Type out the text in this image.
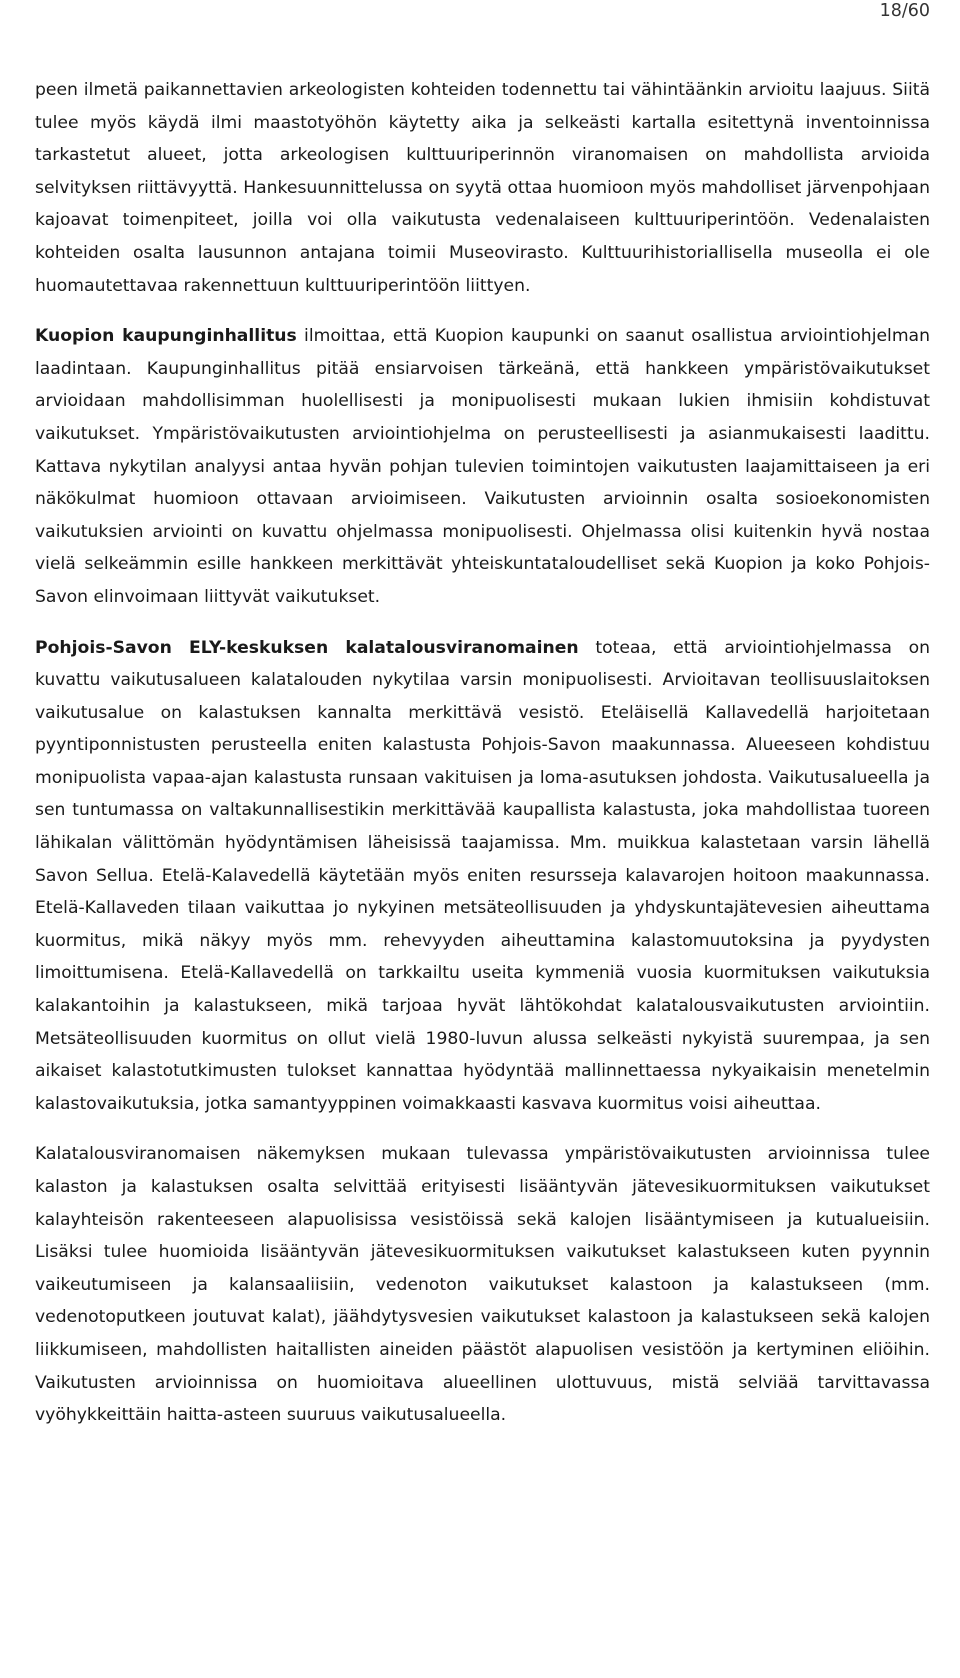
18/60

peen ilmetä paikannettavien arkeologisten kohteiden todennettu tai vähintäänkin arvioitu laajuus. Siitä tulee myös käydä ilmi maastotyöhön käytetty aika ja selkeästi kartalla esitettynä inventoinnissa tarkastetut alueet, jotta arkeologisen kulttuuriperinnön viranomaisen on mahdollista arvioida selvityksen riittävyyttä. Hankesuunnittelussa on syytä ottaa huomioon myös mahdolliset järvenpohjaan kajoavat toimenpiteet, joilla voi olla vaikutusta vedenalaiseen kulttuuriperintöön. Vedenalaisten kohteiden osalta lausunnon antajana toimii Museovirasto. Kulttuurihistoriallisella museolla ei ole huomautettavaa rakennettuun kulttuuriperintöön liittyen.

Kuopion kaupunginhallitus ilmoittaa, että Kuopion kaupunki on saanut osallistua arviointiohjelman laadintaan. Kaupunginhallitus pitää ensiarvoisen tärkeänä, että hankkeen ympäristövaikutukset arvioidaan mahdollisimman huolellisesti ja monipuolisesti mukaan lukien ihmisiin kohdistuvat vaikutukset. Ympäristövaikutusten arviointiohjelma on perusteellisesti ja asianmukaisesti laadittu. Kattava nykytilan analyysi antaa hyvän pohjan tulevien toimintojen vaikutusten laajamittaiseen ja eri näkökulmat huomioon ottavaan arvioimiseen. Vaikutusten arvioinnin osalta sosioekonomisten vaikutuksien arviointi on kuvattu ohjelmassa monipuolisesti. Ohjelmassa olisi kuitenkin hyvä nostaa vielä selkeämmin esille hankkeen merkittävät yhteiskuntataloudelliset sekä Kuopion ja koko Pohjois-Savon elinvoimaan liittyvät vaikutukset.

Pohjois-Savon ELY-keskuksen kalatalousviranomainen toteaa, että arviointiohjelmassa on kuvattu vaikutusalueen kalatalouden nykytilaa varsin monipuolisesti. Arvioitavan teollisuuslaitoksen vaikutusalue on kalastuksen kannalta merkittävä vesistö. Eteläisellä Kallavedellä harjoitetaan pyyntiponnistusten perusteella eniten kalastusta Pohjois-Savon maakunnassa. Alueeseen kohdistuu monipuolista vapaa-ajan kalastusta runsaan vakituisen ja loma-asutuksen johdosta. Vaikutusalueella ja sen tuntumassa on valtakunnallisestikin merkittävää kaupallista kalastusta, joka mahdollistaa tuoreen lähikalan välittömän hyödyntämisen läheisissä taajamissa. Mm. muikkua kalastetaan varsin lähellä Savon Sellua. Etelä-Kalavedellä käytetään myös eniten resursseja kalavarojen hoitoon maakunnassa. Etelä-Kallaveden tilaan vaikuttaa jo nykyinen metsäteollisuuden ja yhdyskuntajätevesien aiheuttama kuormitus, mikä näkyy myös mm. rehevyyden aiheuttamina kalastomuutoksina ja pyydysten limoittumisena. Etelä-Kallavedellä on tarkkailtu useita kymmeniä vuosia kuormituksen vaikutuksia kalakantoihin ja kalastukseen, mikä tarjoaa hyvät lähtökohdat kalatalousvaikutusten arviointiin. Metsäteollisuuden kuormitus on ollut vielä 1980-luvun alussa selkeästi nykyistä suurempaa, ja sen aikaiset kalastotutkimusten tulokset kannattaa hyödyntää mallinnettaessa nykyaikaisin menetelmin kalastovaikutuksia, jotka samantyyppinen voimakkaasti kasvava kuormitus voisi aiheuttaa.

Kalatalousviranomaisen näkemyksen mukaan tulevassa ympäristövaikutusten arvioinnissa tulee kalaston ja kalastuksen osalta selvittää erityisesti lisääntyvän jätevesikuormituksen vaikutukset kalayhteisön rakenteeseen alapuolisissa vesistöissä sekä kalojen lisääntymiseen ja kutualueisiin. Lisäksi tulee huomioida lisääntyvän jätevesikuormituksen vaikutukset kalastukseen kuten pyynnin vaikeutumiseen ja kalansaaliisiin, vedenoton vaikutukset kalastoon ja kalastukseen (mm. vedenotoputkeen joutuvat kalat), jäähdytysvesien vaikutukset kalastoon ja kalastukseen sekä kalojen liikkumiseen, mahdollisten haitallisten aineiden päästöt alapuolisen vesistöön ja kertyminen eliöihin. Vaikutusten arvioinnissa on huomioitava alueellinen ulottuvuus, mistä selviää tarvittavassa vyöhykkeittäin haitta-asteen suuruus vaikutusalueella.
